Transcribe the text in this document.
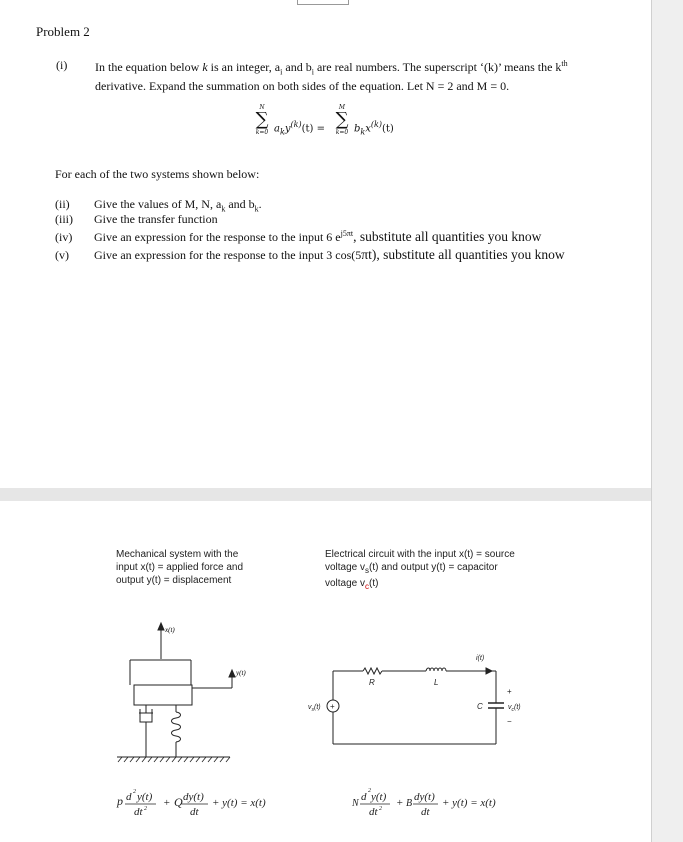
Problem 2
(i) In the equation below k is an integer, $a_i$ and $b_i$ are real numbers. The superscript ‘(k)’ means the $k^{th}$
derivative. Expand the summation on both sides of the equation. Let N = 2 and M = 0.
N
∑
k=0 $a_ky^{(k)}(t)$ =
M
∑
k=0 $b_kx^{(k)}(t)$
For each of the two systems shown below:
(ii) Give the values of M, N, $a_k$ and $b_k$.
(iii) Give the transfer function
(iv) Give an expression for the response to the input 6 $e^{j5\pi t}$, substitute all quantities you know
(v) Give an expression for the response to the input 3 cos(5πt), substitute all quantities you know
Mechanical system with the
input x(t) = applied force and
output y(t) = displacement
Electrical circuit with the input x(t) = source
voltage $v_s(t)$ and output y(t) = capacitor
voltage $v_c(t)$
x(t)
y(t)
p d 2 y(t)
dt 2 + Q dy(t)
dt
+ y(t) = x(t)
+
R	L
i(t)
$v_s(t)$	C	$v_c(t)$
+
−
N
d 2 y(t)
dt 2 + B
dy(t)
dt
+ y(t) = x(t)
